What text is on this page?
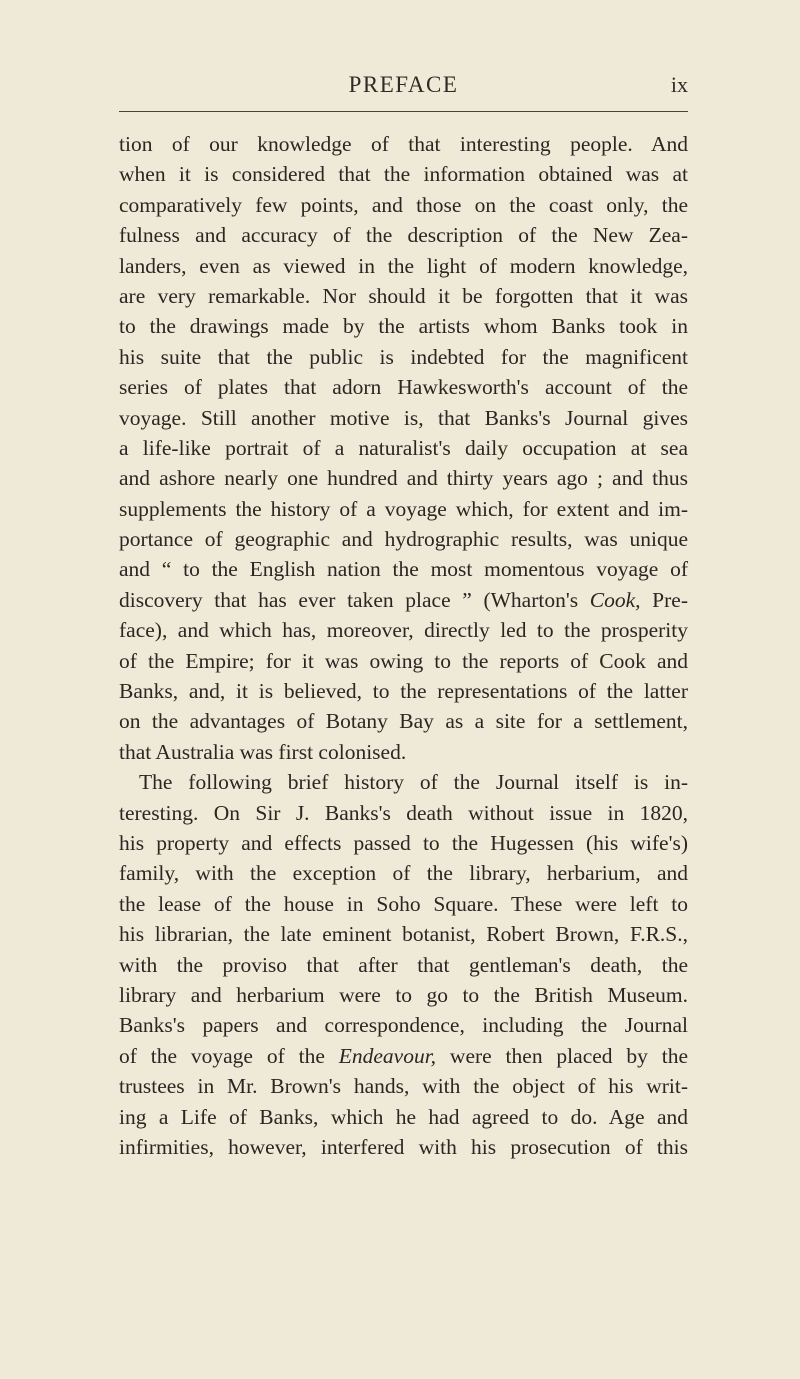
PREFACE	ix
tion of our knowledge of that interesting people. And
when it is considered that the information obtained was at
comparatively few points, and those on the coast only, the
fulness and accuracy of the description of the New Zea-
landers, even as viewed in the light of modern knowledge,
are very remarkable. Nor should it be forgotten that it was
to the drawings made by the artists whom Banks took in
his suite that the public is indebted for the magnificent
series of plates that adorn Hawkesworth's account of the
voyage. Still another motive is, that Banks's Journal gives
a life-like portrait of a naturalist's daily occupation at sea
and ashore nearly one hundred and thirty years ago ; and thus
supplements the history of a voyage which, for extent and im-
portance of geographic and hydrographic results, was unique
and “ to the English nation the most momentous voyage of
discovery that has ever taken place ” (Wharton's Cook, Pre-
face), and which has, moreover, directly led to the prosperity
of the Empire; for it was owing to the reports of Cook and
Banks, and, it is believed, to the representations of the latter
on the advantages of Botany Bay as a site for a settlement,
that Australia was first colonised.
The following brief history of the Journal itself is in-
teresting. On Sir J. Banks's death without issue in 1820,
his property and effects passed to the Hugessen (his wife's)
family, with the exception of the library, herbarium, and
the lease of the house in Soho Square. These were left to
his librarian, the late eminent botanist, Robert Brown, F.R.S.,
with the proviso that after that gentleman's death, the
library and herbarium were to go to the British Museum.
Banks's papers and correspondence, including the Journal
of the voyage of the Endeavour, were then placed by the
trustees in Mr. Brown's hands, with the object of his writ-
ing a Life of Banks, which he had agreed to do. Age and
infirmities, however, interfered with his prosecution of this
